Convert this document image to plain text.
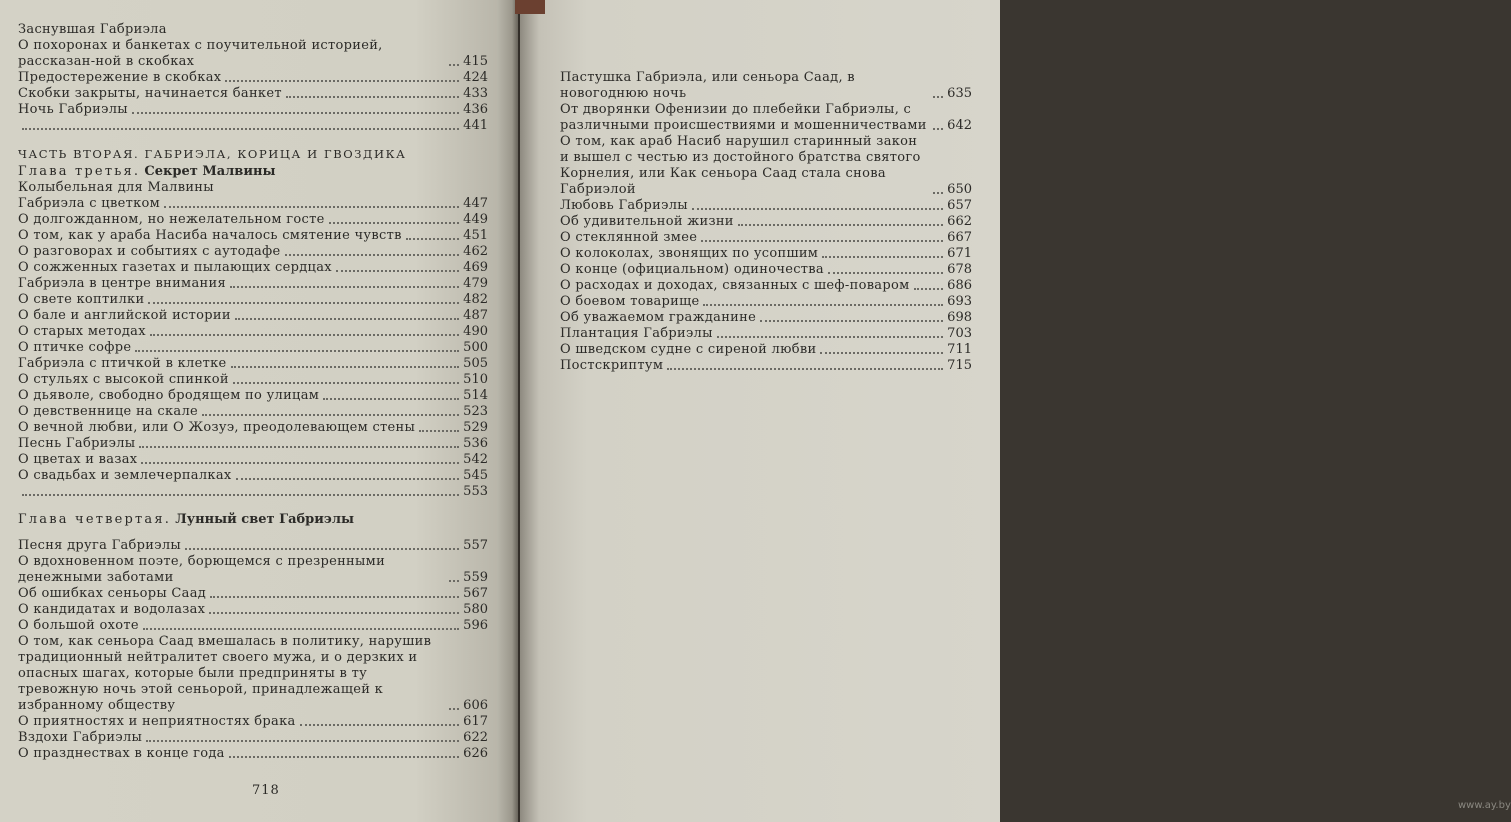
Заснувшая Габриэла
О похоронах и банкетах с поучительной историей, рассказан-ной в скобках	415
Предостережение в скобках	424
Скобки закрыты, начинается банкет	433
Ночь Габриэлы	436
441
ЧАСТЬ ВТОРАЯ. ГАБРИЭЛА, КОРИЦА И ГВОЗДИКА
Глава третья. Секрет Малвины
Колыбельная для Малвины
Габриэла с цветком	447
О долгожданном, но нежелательном госте	449
О том, как у араба Насиба началось смятение чувств	451
О разговорах и событиях с аутодафе	462
О сожженных газетах и пылающих сердцах	469
Габриэла в центре внимания	479
О свете коптилки	482
О бале и английской истории	487
О старых методах	490
О птичке софре	500
Габриэла с птичкой в клетке	505
О стульях с высокой спинкой	510
О дьяволе, свободно бродящем по улицам	514
О девственнице на скале	523
О вечной любви, или О Жозуэ, преодолевающем стены	529
Песнь Габриэлы	536
О цветах и вазах	542
О свадьбах и землечерпалках	545
553
Глава четвертая. Лунный свет Габриэлы
Песня друга Габриэлы	557
О вдохновенном поэте, борющемся с презренными денежными заботами	559
Об ошибках сеньоры Саад	567
О кандидатах и водолазах	580
О большой охоте	596
О том, как сеньора Саад вмешалась в политику, нарушив традиционный нейтралитет своего мужа, и о дерзких и опасных шагах, которые были предприняты в ту тревожную ночь этой сеньорой, принадлежащей к избранному обществу	606
О приятностях и неприятностях брака	617
Вздохи Габриэлы	622
О празднествах в конце года	626
718
Пастушка Габриэла, или сеньора Саад, в новогоднюю ночь	635
От дворянки Офенизии до плебейки Габриэлы, с различными происшествиями и мошенничествами 642
О том, как араб Насиб нарушил старинный закон и вышел с честью из достойного братства святого Корнелия, или Как сеньора Саад стала снова Габриэлой	650
Любовь Габриэлы	657
Об удивительной жизни	662
О стеклянной змее	667
О колоколах, звонящих по усопшим	671
О конце (официальном) одиночества	678
О расходах и доходах, связанных с шеф-поваром	686
О боевом товарище	693
Об уважаемом гражданине	698
Плантация Габриэлы	703
О шведском судне с сиреной любви	711
Постскриптум	715
www.ay.by
